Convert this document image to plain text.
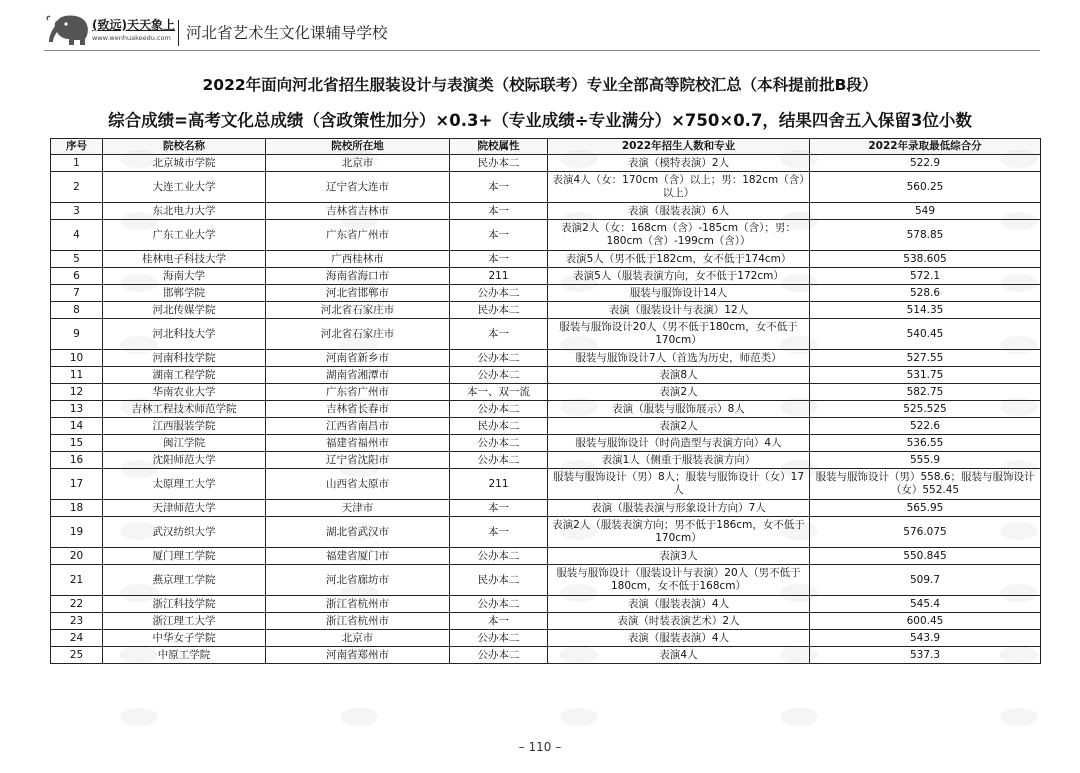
(致远)天天象上
www.wenhuakeedu.com 河北省艺术生文化课辅导学校
2022年面向河北省招生服装设计与表演类（校际联考）专业全部高等院校汇总（本科提前批B段）
综合成绩=高考文化总成绩（含政策性加分）×0.3+（专业成绩÷专业满分）×750×0.7，结果四舍五入保留3位小数
序号	院校名称	院校所在地	院校属性	2022年招生人数和专业	2022年录取最低综合分
1	北京城市学院	北京市	民办本二	表演（模特表演）2人	522.9
2	大连工业大学	辽宁省大连市	本一	表演4人（女：170cm（含）以上；男：182cm（含）以上）	560.25
3	东北电力大学	吉林省吉林市	本一	表演（服装表演）6人	549
4	广东工业大学	广东省广州市	本一	表演2人（女：168cm（含）-185cm（含）；男：180cm（含）-199cm（含））	578.85
5	桂林电子科技大学	广西桂林市	本一	表演5人（男不低于182cm，女不低于174cm）	538.605
6	海南大学	海南省海口市	211	表演5人（服装表演方向，女不低于172cm）	572.1
7	邯郸学院	河北省邯郸市	公办本二	服装与服饰设计14人	528.6
8	河北传媒学院	河北省石家庄市	民办本二	表演（服装设计与表演）12人	514.35
9	河北科技大学	河北省石家庄市	本一	服装与服饰设计20人（男不低于180cm，女不低于170cm）	540.45
10	河南科技学院	河南省新乡市	公办本二	服装与服饰设计7人（首选为历史，师范类）	527.55
11	湖南工程学院	湖南省湘潭市	公办本二	表演8人	531.75
12	华南农业大学	广东省广州市	本一、双一流	表演2人	582.75
13	吉林工程技术师范学院	吉林省长春市	公办本二	表演（服装与服饰展示）8人	525.525
14	江西服装学院	江西省南昌市	民办本二	表演2人	522.6
15	闽江学院	福建省福州市	公办本二	服装与服饰设计（时尚造型与表演方向）4人	536.55
16	沈阳师范大学	辽宁省沈阳市	公办本二	表演1人（侧重于服装表演方向）	555.9
17	太原理工大学	山西省太原市	211	服装与服饰设计（男）8人；服装与服饰设计（女）17人	服装与服饰设计（男）558.6；服装与服饰设计（女）552.45
18	天津师范大学	天津市	本一	表演（服装表演与形象设计方向）7人	565.95
19	武汉纺织大学	湖北省武汉市	本一	表演2人（服装表演方向；男不低于186cm，女不低于170cm）	576.075
20	厦门理工学院	福建省厦门市	公办本二	表演3人	550.845
21	燕京理工学院	河北省廊坊市	民办本二	服装与服饰设计（服装设计与表演）20人（男不低于180cm，女不低于168cm）	509.7
22	浙江科技学院	浙江省杭州市	公办本二	表演（服装表演）4人	545.4
23	浙江理工大学	浙江省杭州市	本一	表演（时装表演艺术）2人	600.45
24	中华女子学院	北京市	公办本二	表演（服装表演）4人	543.9
25	中原工学院	河南省郑州市	公办本二	表演4人	537.3
– 110 –
